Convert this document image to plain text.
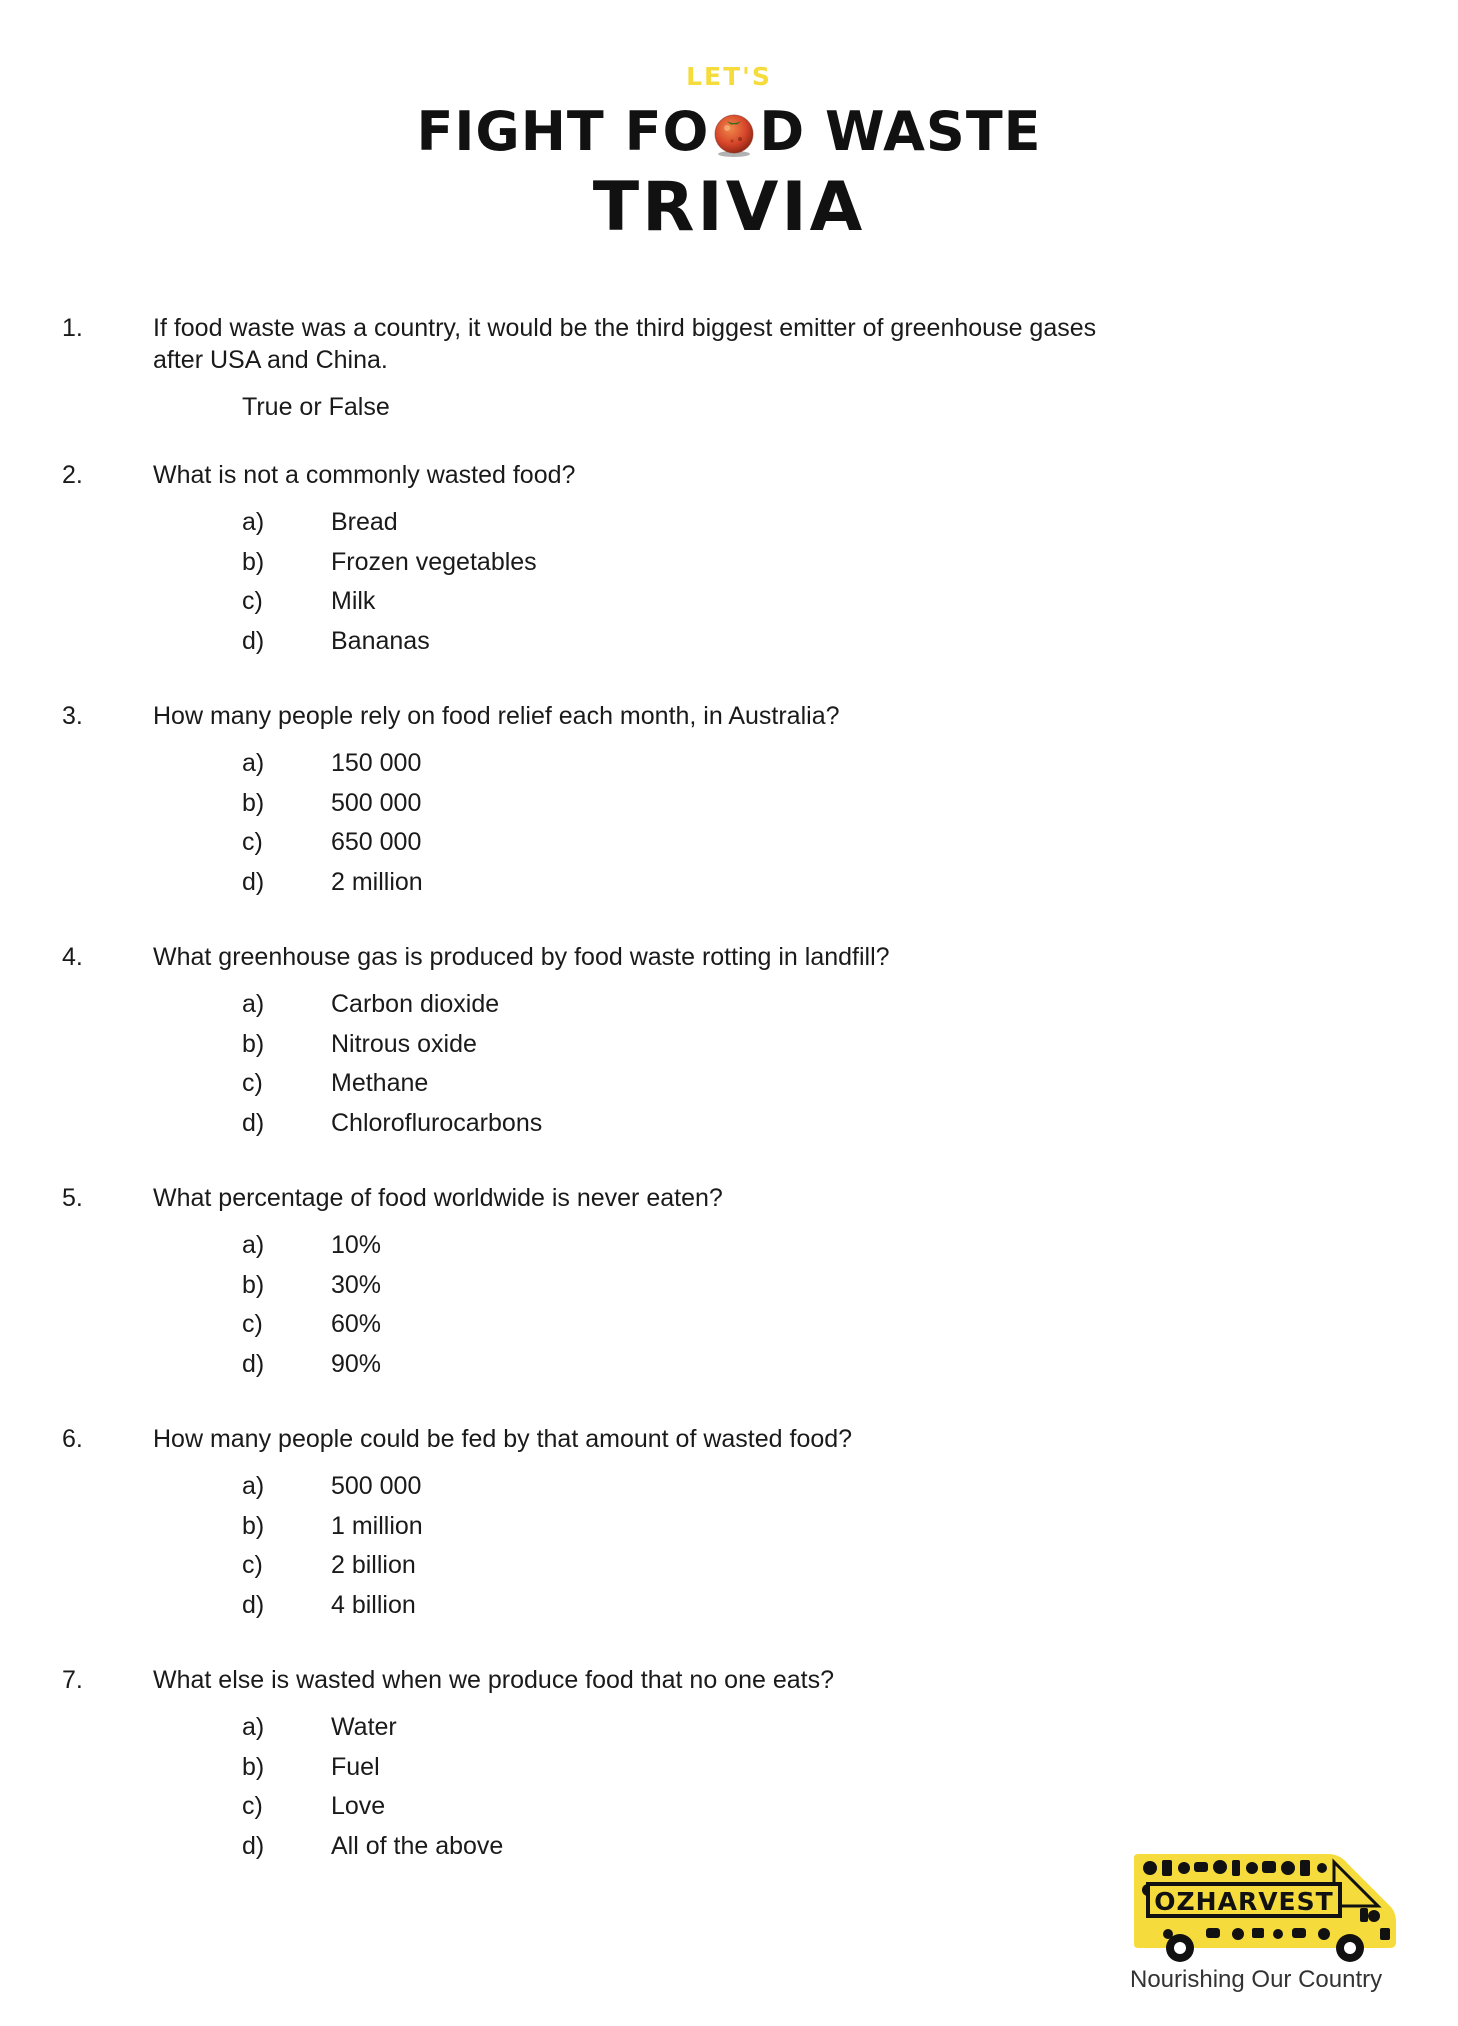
LET'S
FIGHT FO D WASTE
TRIVIA
1.	If food waste was a country, it would be the third biggest emitter of greenhouse gases after USA and China.
True or False
2.	What is not a commonly wasted food?
a)	Bread
b)	Frozen vegetables
c)	Milk
d)	Bananas
3.	How many people rely on food relief each month, in Australia?
a)	150 000
b)	500 000
c)	650 000
d)	2 million
4.	What greenhouse gas is produced by food waste rotting in landfill?
a)	Carbon dioxide
b)	Nitrous oxide
c)	Methane
d)	Chloroflurocarbons
5.	What percentage of food worldwide is never eaten?
a)	10%
b)	30%
c)	60%
d)	90%
6.	How many people could be fed by that amount of wasted food?
a)	500 000
b)	1 million
c)	2 billion
d)	4 billion
7.	What else is wasted when we produce food that no one eats?
a)	Water
b)	Fuel
c)	Love
d)	All of the above
OZHARVEST
Nourishing Our Country
